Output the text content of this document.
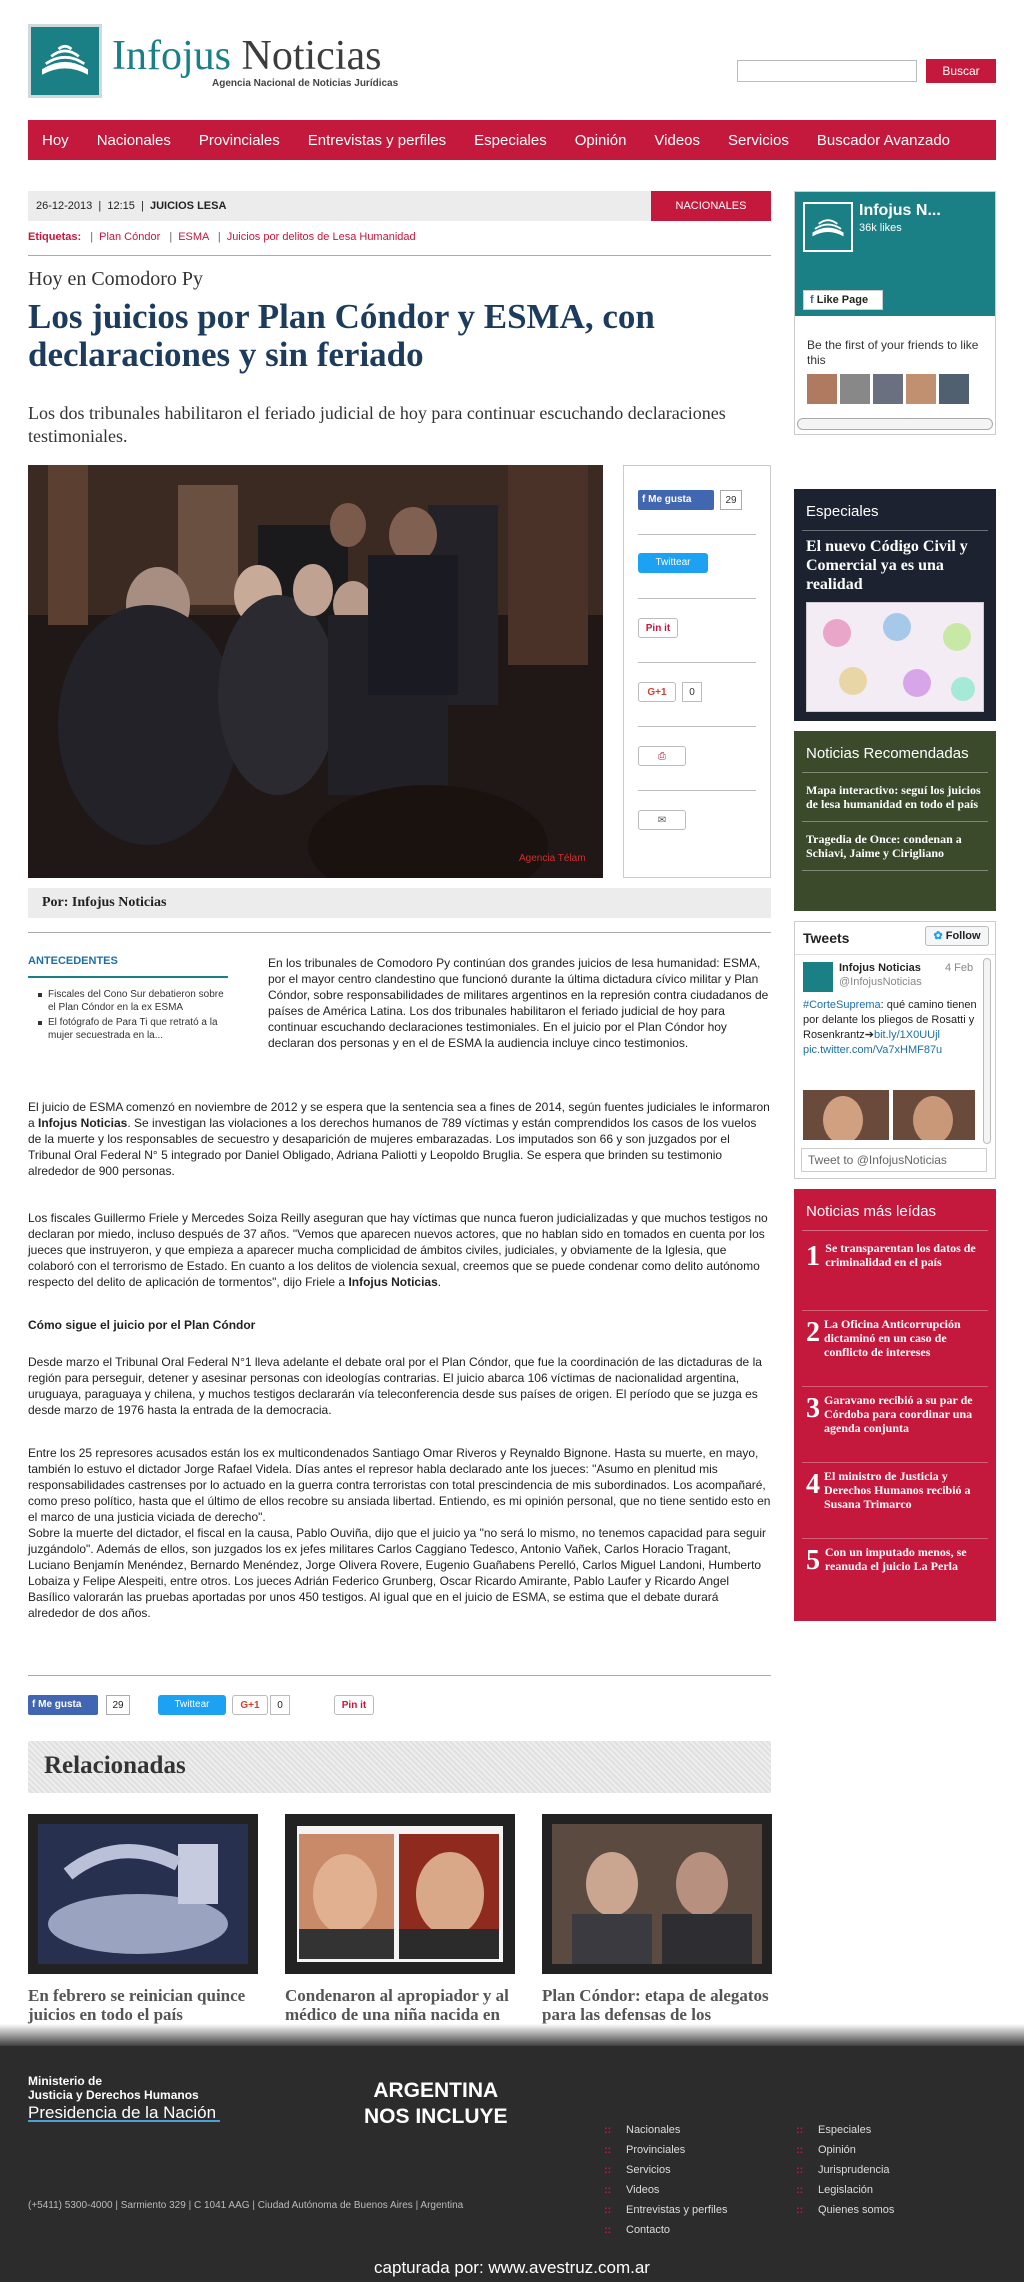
Infojus Noticias
Agencia Nacional de Noticias Jurídicas
Buscar
Hoy Nacionales Provinciales Entrevistas y perfiles Especiales Opinión Videos Servicios Buscador Avanzado
26-12-2013  |  12:15  |  JUICIOS LESA	NACIONALES
Etiquetas: | Plan Cóndor | ESMA | Juicios por delitos de Lesa Humanidad
Hoy en Comodoro Py
Los juicios por Plan Cóndor y ESMA, con declaraciones y sin feriado
Los dos tribunales habilitaron el feriado judicial de hoy para continuar escuchando declaraciones testimoniales.
Agencia Télam
f Me gusta	29
Twittear
Pin it
G+1	0
⎙
✉
Por: Infojus Noticias
ANTECEDENTES
Fiscales del Cono Sur debatieron sobre el Plan Cóndor en la ex ESMA
El fotógrafo de Para Ti que retrató a la mujer secuestrada en la...
En los tribunales de Comodoro Py continúan dos grandes juicios de lesa humanidad: ESMA, por el mayor centro clandestino que funcionó durante la última dictadura cívico militar y Plan Cóndor, sobre responsabilidades de militares argentinos en la represión contra ciudadanos de países de América Latina. Los dos tribunales habilitaron el feriado judicial de hoy para continuar escuchando declaraciones testimoniales. En el juicio por el Plan Cóndor hoy declaran dos personas y en el de ESMA la audiencia incluye cinco testimonios.
El juicio de ESMA comenzó en noviembre de 2012 y se espera que la sentencia sea a fines de 2014, según fuentes judiciales le informaron a Infojus Noticias. Se investigan las violaciones a los derechos humanos de 789 víctimas y están comprendidos los casos de los vuelos de la muerte y los responsables de secuestro y desaparición de mujeres embarazadas. Los imputados son 66 y son juzgados por el Tribunal Oral Federal N° 5 integrado por Daniel Obligado, Adriana Paliotti y Leopoldo Bruglia. Se espera que brinden su testimonio alrededor de 900 personas.
Los fiscales Guillermo Friele y Mercedes Soiza Reilly aseguran que hay víctimas que nunca fueron judicializadas y que muchos testigos no declaran por miedo, incluso después de 37 años. "Vemos que aparecen nuevos actores, que no hablan sido en tomados en cuenta por los jueces que instruyeron, y que empieza a aparecer mucha complicidad de ámbitos civiles, judiciales, y obviamente de la Iglesia, que colaboró con el terrorismo de Estado. En cuanto a los delitos de violencia sexual, creemos que se puede condenar como delito autónomo respecto del delito de aplicación de tormentos", dijo Friele a Infojus Noticias.
Cómo sigue el juicio por el Plan Cóndor
Desde marzo el Tribunal Oral Federal N°1 lleva adelante el debate oral por el Plan Cóndor, que fue la coordinación de las dictaduras de la región para perseguir, detener y asesinar personas con ideologías contrarias. El juicio abarca 106 víctimas de nacionalidad argentina, uruguaya, paraguaya y chilena, y muchos testigos declararán vía teleconferencia desde sus países de origen. El período que se juzga es desde marzo de 1976 hasta la entrada de la democracia.
Entre los 25 represores acusados están los ex multicondenados Santiago Omar Riveros y Reynaldo Bignone. Hasta su muerte, en mayo, también lo estuvo el dictador Jorge Rafael Videla. Días antes el represor habla declarado ante los jueces: "Asumo en plenitud mis responsabilidades castrenses por lo actuado en la guerra contra terroristas con total prescindencia de mis subordinados. Los acompañaré, como preso político, hasta que el último de ellos recobre su ansiada libertad. Entiendo, es mi opinión personal, que no tiene sentido esto en el marco de una justicia viciada de derecho".
Sobre la muerte del dictador, el fiscal en la causa, Pablo Ouviña, dijo que el juicio ya "no será lo mismo, no tenemos capacidad para seguir juzgándolo". Además de ellos, son juzgados los ex jefes militares Carlos Caggiano Tedesco, Antonio Vañek, Carlos Horacio Tragant, Luciano Benjamín Menéndez, Bernardo Menéndez, Jorge Olivera Rovere, Eugenio Guañabens Perelló, Carlos Miguel Landoni, Humberto Lobaiza y Felipe Alespeiti, entre otros. Los jueces Adrián Federico Grunberg, Oscar Ricardo Amirante, Pablo Laufer y Ricardo Angel Basílico valorarán las pruebas aportadas por unos 450 testigos. Al igual que en el juicio de ESMA, se estima que el debate durará alrededor de dos años.
f Me gusta	29	Twittear	G+1	0	Pin it
Relacionadas
En febrero se reinician quince juicios en todo el país
Condenaron al apropiador y al médico de una niña nacida en
Plan Cóndor: etapa de alegatos para las defensas de los
Infojus N...
36k likes
f Like Page
Be the first of your friends to like this
Especiales
El nuevo Código Civil y Comercial ya es una realidad
Noticias Recomendadas
Mapa interactivo: seguí los juicios de lesa humanidad en todo el país
Tragedia de Once: condenan a Schiavi, Jaime y Cirigliano
Tweets	✿ Follow
Infojus Noticias 4 Feb
@InfojusNoticias
#CorteSuprema: qué camino tienen por delante los pliegos de Rosatti y Rosenkrantz➔bit.ly/1X0UUjl pic.twitter.com/Va7xHMF87u
Tweet to @InfojusNoticias
Noticias más leídas
1 Se transparentan los datos de criminalidad en el país
2 La Oficina Anticorrupción dictaminó en un caso de conflicto de intereses
3 Garavano recibió a su par de Córdoba para coordinar una agenda conjunta
4 El ministro de Justicia y Derechos Humanos recibió a Susana Trimarco
5 Con un imputado menos, se reanuda el juicio La Perla
Ministerio de
Justicia y Derechos Humanos
Presidencia de la Nación
ARGENTINA
NOS INCLUYE
(+5411) 5300-4000 | Sarmiento 329 | C 1041 AAG | Ciudad Autónoma de Buenos Aires | Argentina
:: Nacionales
:: Provinciales
:: Servicios
:: Videos
:: Entrevistas y perfiles
:: Contacto
:: Especiales
:: Opinión
:: Jurisprudencia
:: Legislación
:: Quienes somos
capturada por: www.avestruz.com.ar
